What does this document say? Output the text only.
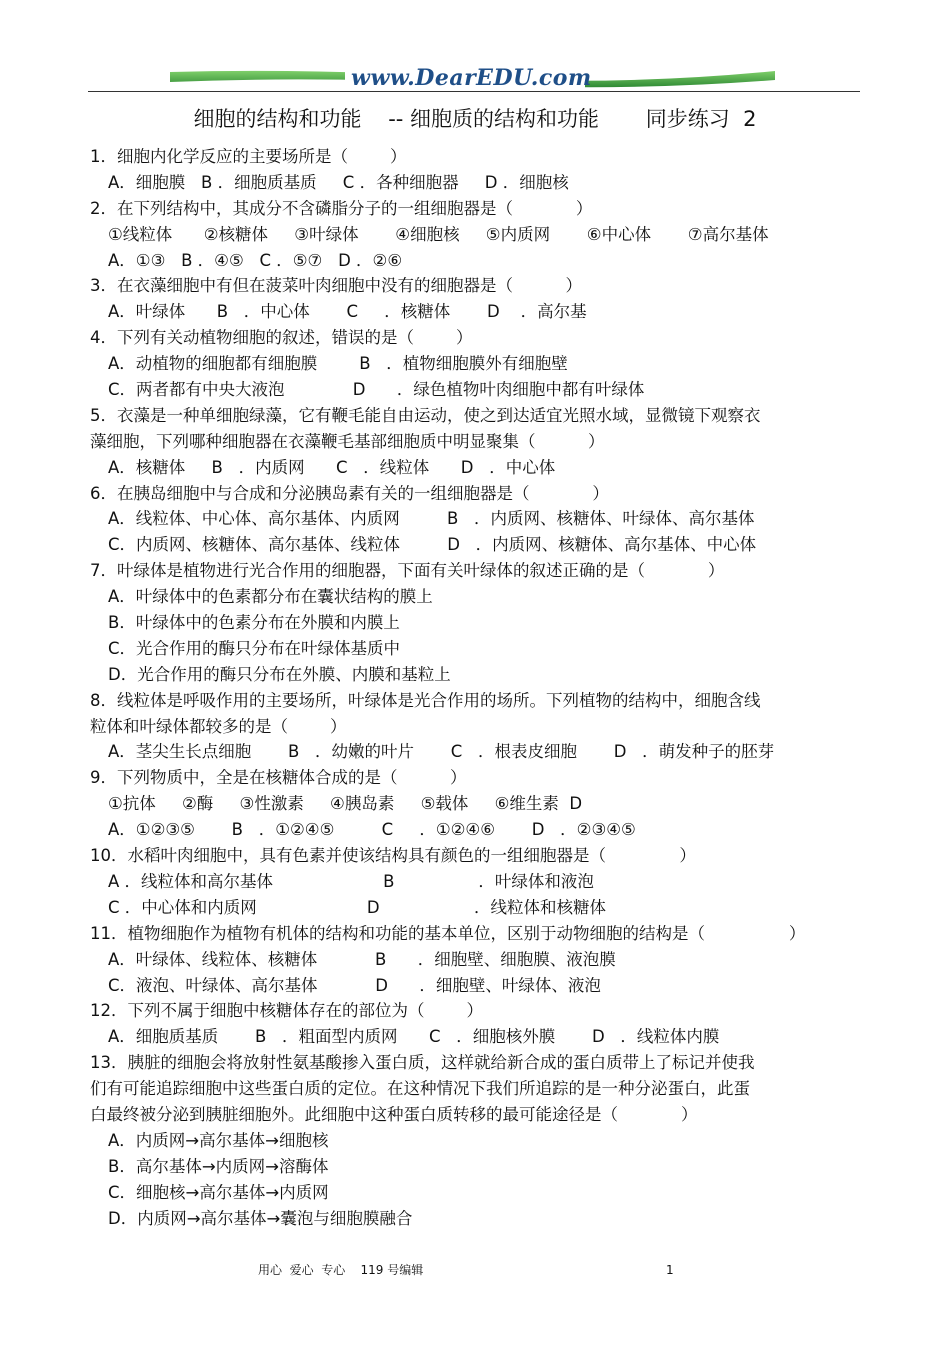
www.DearEDU.com
细胞的结构和功能    -- 细胞质的结构和功能       同步练习  2
1．细胞内化学反应的主要场所是（        ）
A．细胞膜   B ．细胞质基质     C ．各种细胞器     D ．细胞核
2．在下列结构中，其成分不含磷脂分子的一组细胞器是（            ）
①线粒体      ②核糖体     ③叶绿体       ④细胞核     ⑤内质网       ⑥中心体       ⑦高尔基体
A．①③   B ．④⑤   C ．⑤⑦   D ．②⑥
3．在衣藻细胞中有但在菠菜叶肉细胞中没有的细胞器是（          ）
A．叶绿体      B   ．中心体       C     ．核糖体       D    ．高尔基
4．下列有关动植物细胞的叙述，错误的是（        ）
A．动植物的细胞都有细胞膜        B   ．植物细胞膜外有细胞壁
C．两者都有中央大液泡             D      ．绿色植物叶肉细胞中都有叶绿体
5．衣藻是一种单细胞绿藻，它有鞭毛能自由运动，使之到达适宜光照水域，显微镜下观察衣
藻细胞，下列哪种细胞器在衣藻鞭毛基部细胞质中明显聚集（          ）
A．核糖体     B   ．内质网      C   ．线粒体      D   ．中心体
6．在胰岛细胞中与合成和分泌胰岛素有关的一组细胞器是（            ）
A．线粒体、中心体、高尔基体、内质网         B   ．内质网、核糖体、叶绿体、高尔基体
C．内质网、核糖体、高尔基体、线粒体         D   ．内质网、核糖体、高尔基体、中心体
7．叶绿体是植物进行光合作用的细胞器，下面有关叶绿体的叙述正确的是（            ）
A．叶绿体中的色素都分布在囊状结构的膜上
B．叶绿体中的色素分布在外膜和内膜上
C．光合作用的酶只分布在叶绿体基质中
D．光合作用的酶只分布在外膜、内膜和基粒上
8．线粒体是呼吸作用的主要场所，叶绿体是光合作用的场所。下列植物的结构中，细胞含线
粒体和叶绿体都较多的是（        ）
A．茎尖生长点细胞       B   ．幼嫩的叶片       C   ．根表皮细胞       D   ．萌发种子的胚芽
9．下列物质中，全是在核糖体合成的是（          ）
①抗体     ②酶     ③性激素     ④胰岛素     ⑤载体     ⑥维生素  D
A．①②③⑤       B   ．①②④⑤         C     ．①②④⑥       D   ．②③④⑤
10．水稻叶肉细胞中，具有色素并使该结构具有颜色的一组细胞器是（              ）
A ．线粒体和高尔基体                     B                ．叶绿体和液泡
C ．中心体和内质网                     D                  ．线粒体和核糖体
11．植物细胞作为植物有机体的结构和功能的基本单位，区别于动物细胞的结构是（                ）
A．叶绿体、线粒体、核糖体           B      ．细胞壁、细胞膜、液泡膜
C．液泡、叶绿体、高尔基体           D      ．细胞壁、叶绿体、液泡
12．下列不属于细胞中核糖体存在的部位为（        ）
A．细胞质基质       B   ．粗面型内质网      C   ．细胞核外膜       D   ．线粒体内膜
13．胰脏的细胞会将放射性氨基酸掺入蛋白质，这样就给新合成的蛋白质带上了标记并使我
们有可能追踪细胞中这些蛋白质的定位。在这种情况下我们所追踪的是一种分泌蛋白，此蛋
白最终被分泌到胰脏细胞外。此细胞中这种蛋白质转移的最可能途径是（            ）
A．内质网→高尔基体→细胞核
B．高尔基体→内质网→溶酶体
C．细胞核→高尔基体→内质网
D．内质网→高尔基体→囊泡与细胞膜融合
用心  爱心  专心    119 号编辑	1
